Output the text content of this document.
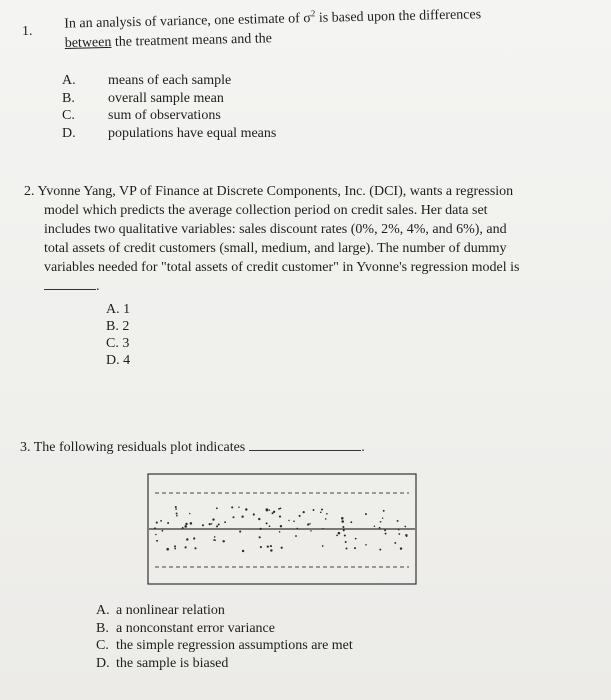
1. In an analysis of variance, one estimate of $\sigma^2$ is based upon the differences
between the treatment means and the
A.	means of each sample
B.	overall sample mean
C.	sum of observations
D.	populations have equal means

2. Yvonne Yang, VP of Finance at Discrete Components, Inc. (DCI), wants a regression

model which predicts the average collection period on credit sales. Her data set

includes two qualitative variables: sales discount rates (0%, 2%, 4%, and 6%), and

total assets of credit customers (small, medium, and large). The number of dummy

variables needed for "total assets of credit customer" in Yvonne's regression model is

.

A. 1
B. 2
C. 3
D. 4
3. The following residuals plot indicates	.
A. a nonlinear relation
B. a nonconstant error variance
C. the simple regression assumptions are met
D. the sample is biased
